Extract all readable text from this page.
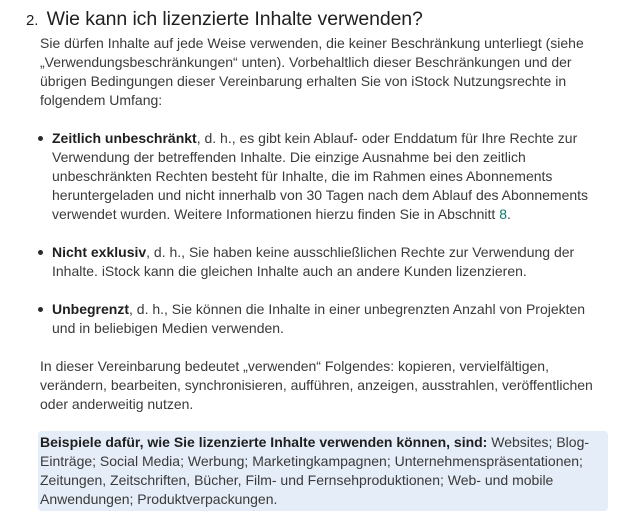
2. Wie kann ich lizenzierte Inhalte verwenden?

Sie dürfen Inhalte auf jede Weise verwenden, die keiner Beschränkung unterliegt (siehe „Verwendungsbeschränkungen“ unten). Vorbehaltlich dieser Beschränkungen und der übrigen Bedingungen dieser Vereinbarung erhalten Sie von iStock Nutzungsrechte in folgendem Umfang:

Zeitlich unbeschränkt, d. h., es gibt kein Ablauf- oder Enddatum für Ihre Rechte zur Verwendung der betreffenden Inhalte. Die einzige Ausnahme bei den zeitlich unbeschränkten Rechten besteht für Inhalte, die im Rahmen eines Abonnements heruntergeladen und nicht innerhalb von 30 Tagen nach dem Ablauf des Abonnements verwendet wurden. Weitere Informationen hierzu finden Sie in Abschnitt 8.
Nicht exklusiv, d. h., Sie haben keine ausschließlichen Rechte zur Verwendung der Inhalte. iStock kann die gleichen Inhalte auch an andere Kunden lizenzieren.
Unbegrenzt, d. h., Sie können die Inhalte in einer unbegrenzten Anzahl von Projekten und in beliebigen Medien verwenden.

In dieser Vereinbarung bedeutet „verwenden“ Folgendes: kopieren, vervielfältigen, verändern, bearbeiten, synchronisieren, aufführen, anzeigen, ausstrahlen, veröffentlichen oder anderweitig nutzen.

Beispiele dafür, wie Sie lizenzierte Inhalte verwenden können, sind: Websites; Blog-Einträge; Social Media; Werbung; Marketingkampagnen; Unternehmenspräsentationen; Zeitungen, Zeitschriften, Bücher, Film- und Fernsehproduktionen; Web- und mobile Anwendungen; Produktverpackungen.
